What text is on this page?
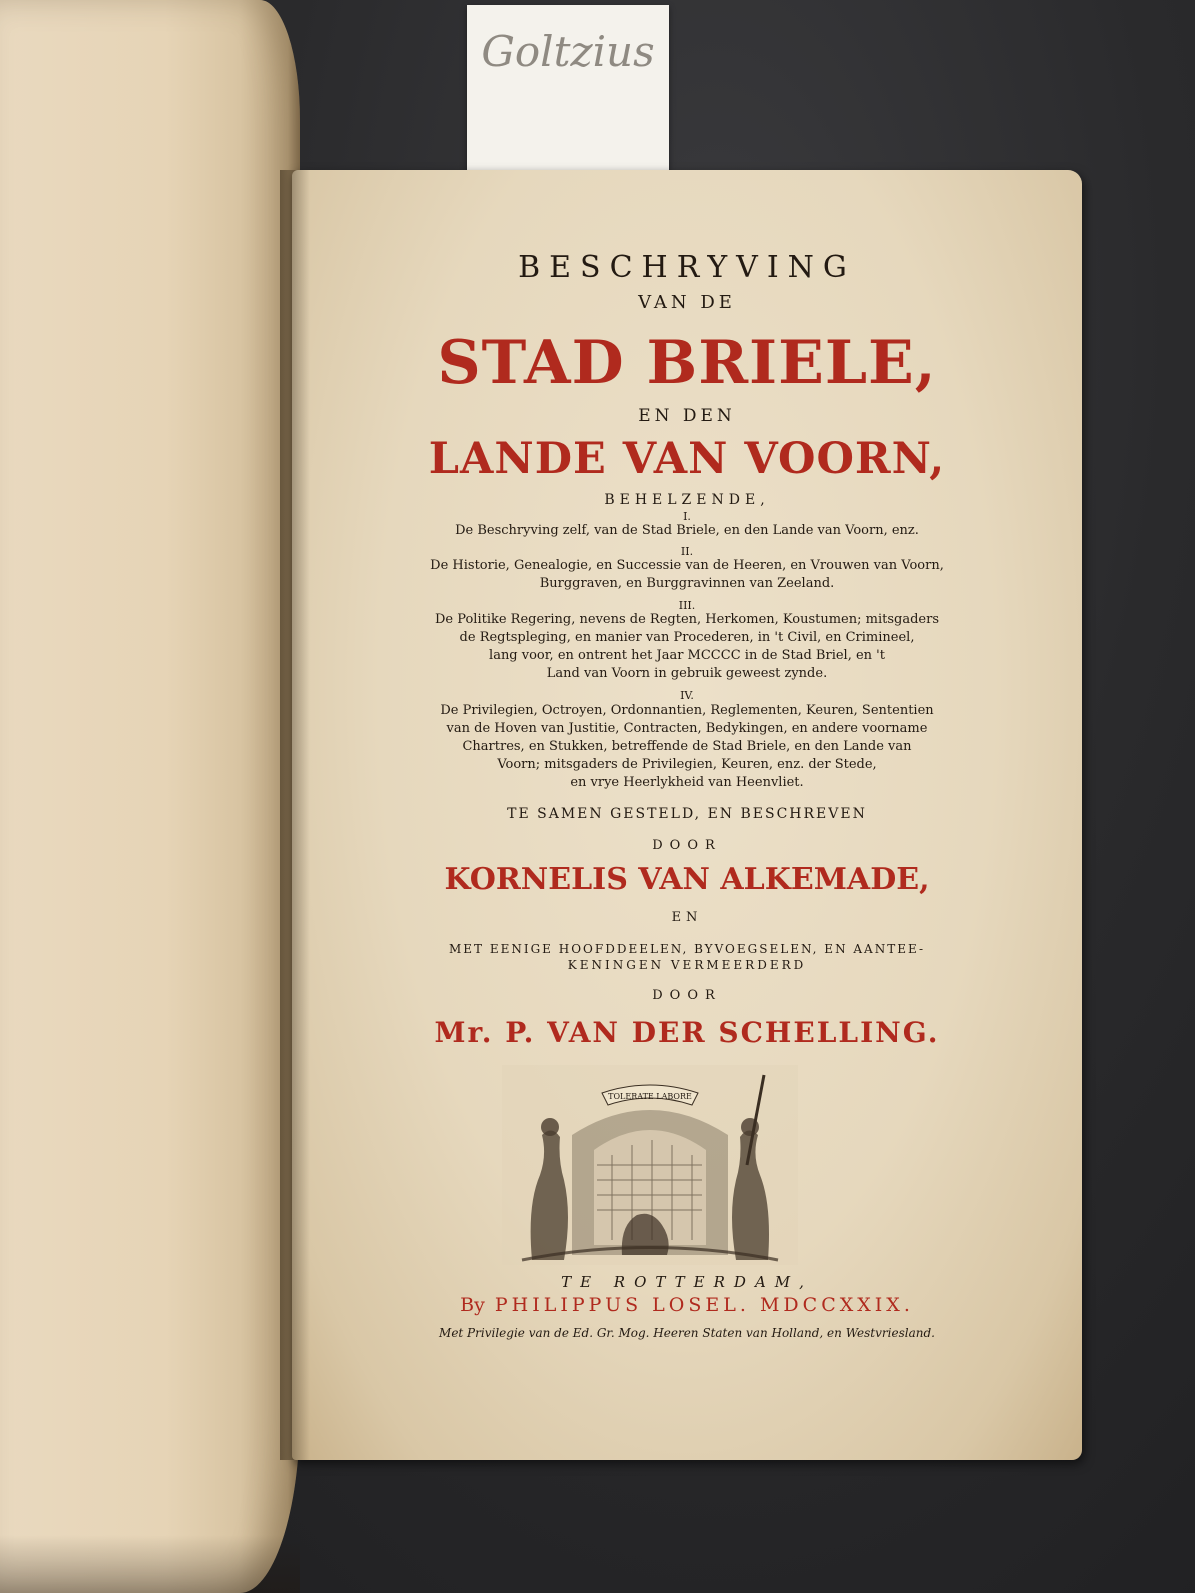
Goltzius
BESCHRYVING
VAN DE
STAD BRIELE,
EN DEN
LANDE VAN VOORN,
BEHELZENDE,
I.
De Beschryving zelf, van de Stad Briele, en den Lande van Voorn, enz.
II.
De Historie, Genealogie, en Successie van de Heeren, en Vrouwen van Voorn,
Burggraven, en Burggravinnen van Zeeland.
III.
De Politike Regering, nevens de Regten, Herkomen, Koustumen; mitsgaders
de Regtspleging, en manier van Procederen, in 't Civil, en Crimineel,
lang voor, en ontrent het Jaar MCCCC in de Stad Briel, en 't
Land van Voorn in gebruik geweest zynde.
IV.
De Privilegien, Octroyen, Ordonnantien, Reglementen, Keuren, Sententien
van de Hoven van Justitie, Contracten, Bedykingen, en andere voorname
Chartres, en Stukken, betreffende de Stad Briele, en den Lande van
Voorn; mitsgaders de Privilegien, Keuren, enz. der Stede,
en vrye Heerlykheid van Heenvliet.
TE SAMEN GESTELD, EN BESCHREVEN
DOOR
KORNELIS VAN ALKEMADE,
EN
MET EENIGE HOOFDDEELEN, BYVOEGSELEN, EN AANTEE-
KENINGEN VERMEERDERD
DOOR
Mr. P. VAN DER SCHELLING.
TOLERATE LABORE
TE ROTTERDAM,
By PHILIPPUS LOSEL. MDCCXXIX.
Met Privilegie van de Ed. Gr. Mog. Heeren Staten van Holland, en Westvriesland.
